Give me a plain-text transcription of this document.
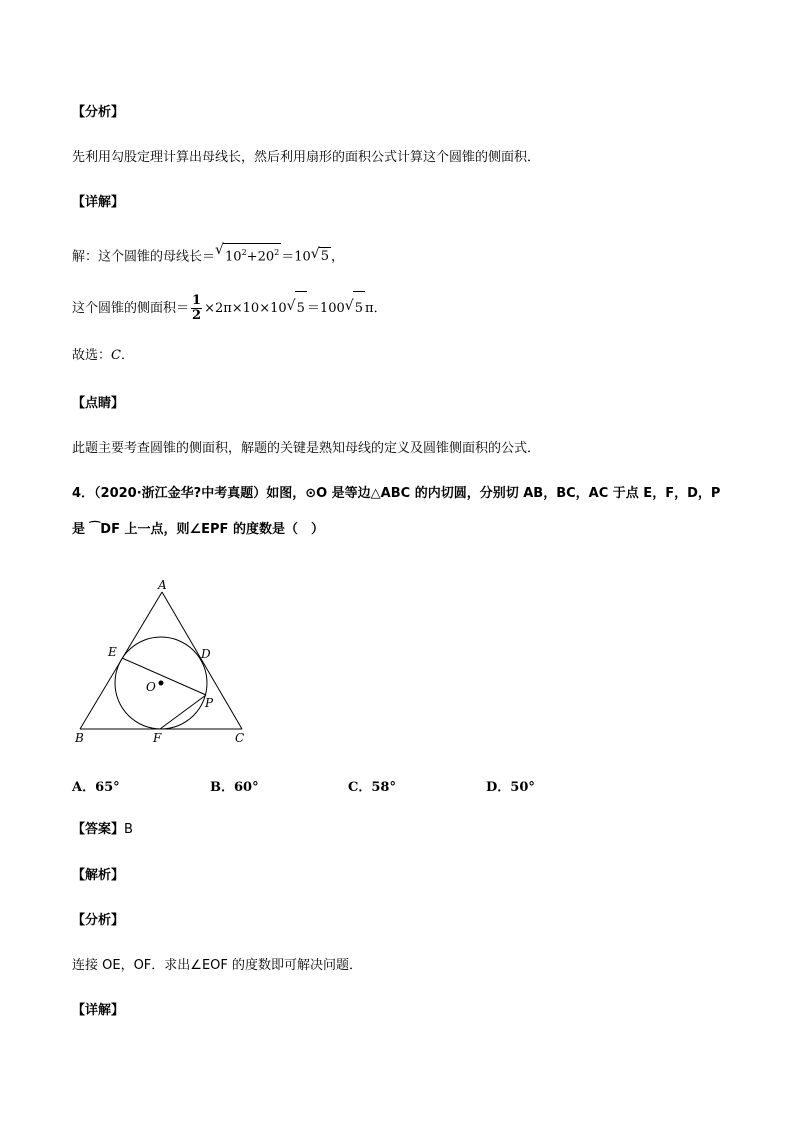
【分析】
先利用勾股定理计算出母线长，然后利用扇形的面积公式计算这个圆锥的侧面积．
【详解】
解：这个圆锥的母线长＝ √ $10^2+20^2 =10$ √ 5 ，
这个圆锥的侧面积＝ $\frac{1}{2} \times 2\pi\times 10\times 10$ √ 5 ＝100 √ 5 π．
故选：C．
【点睛】
此题主要考查圆锥的侧面积，解题的关键是熟知母线的定义及圆锥侧面积的公式．
4．（2020·浙江金华?中考真题）如图，⊙O 是等边△ABC 的内切圆，分别切 AB，BC，AC 于点 E，F，D，P
是 ⁀DF 上一点，则∠EPF 的度数是（　）
A
B	C
D
E
F
O
P
A．65°	B．60°	C．58°	D．50°
【答案】B
【解析】
【分析】
连接 OE，OF．求出∠EOF 的度数即可解决问题．
【详解】
